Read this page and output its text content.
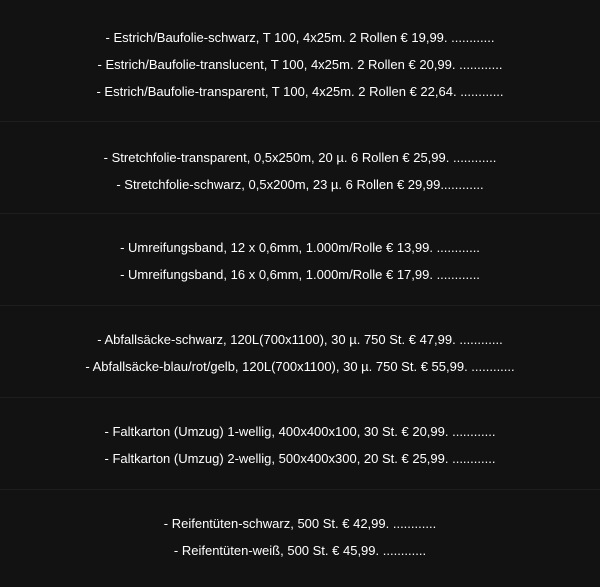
- Estrich/Baufolie-schwarz, T 100, 4x25m. 2 Rollen € 19,99. ............
- Estrich/Baufolie-translucent, T 100, 4x25m. 2 Rollen € 20,99. ............
- Estrich/Baufolie-transparent, T 100, 4x25m. 2 Rollen € 22,64. ............
- Stretchfolie-transparent, 0,5x250m, 20 µ. 6 Rollen € 25,99. ............
- Stretchfolie-schwarz, 0,5x200m, 23 µ. 6 Rollen € 29,99............
- Umreifungsband, 12 x 0,6mm, 1.000m/Rolle € 13,99. ............
- Umreifungsband, 16 x 0,6mm, 1.000m/Rolle € 17,99. ............
- Abfallsäcke-schwarz, 120L(700x1100), 30 µ. 750 St. € 47,99. ............
- Abfallsäcke-blau/rot/gelb, 120L(700x1100), 30 µ. 750 St. € 55,99. ............
- Faltkarton (Umzug) 1-wellig, 400x400x100, 30 St. € 20,99. ............
- Faltkarton (Umzug) 2-wellig, 500x400x300, 20 St. € 25,99. ............
- Reifentüten-schwarz, 500 St. € 42,99. ............
- Reifentüten-weiß, 500 St. € 45,99. ............
